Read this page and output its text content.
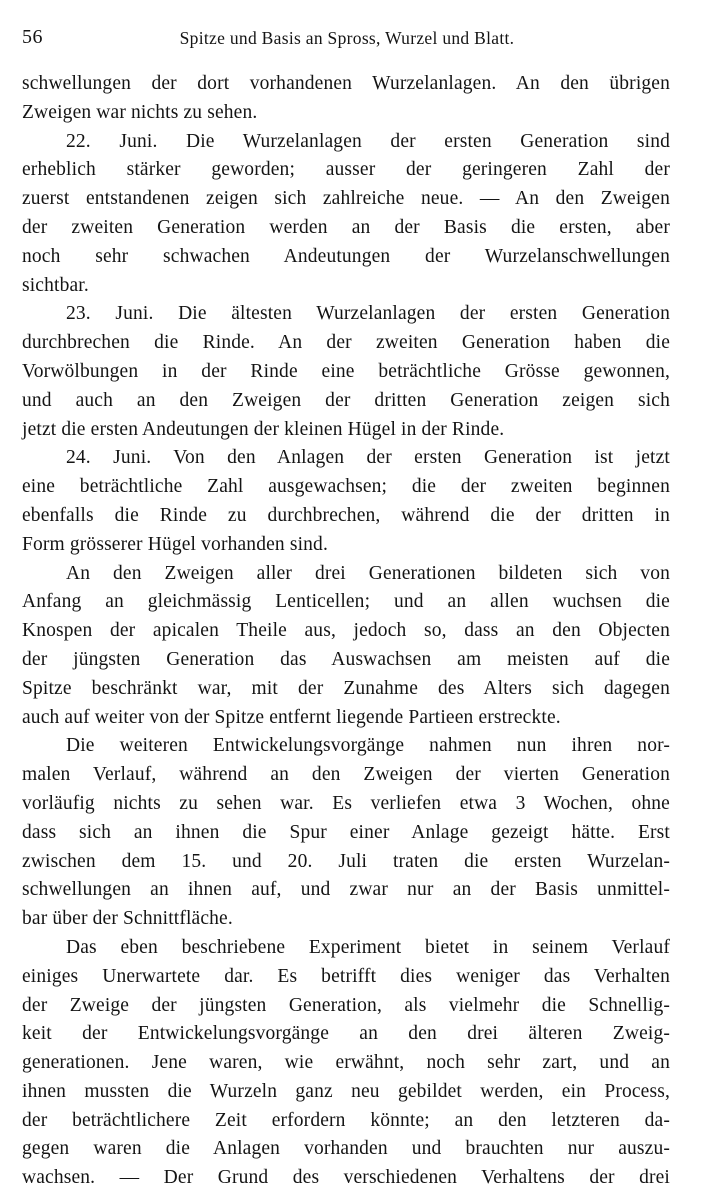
56	Spitze und Basis an Spross, Wurzel und Blatt.
schwellungen der dort vorhandenen Wurzelanlagen. An den übrigen
Zweigen war nichts zu sehen.
22. Juni. Die Wurzelanlagen der ersten Generation sind
erheblich stärker geworden; ausser der geringeren Zahl der
zuerst entstandenen zeigen sich zahlreiche neue. — An den Zweigen
der zweiten Generation werden an der Basis die ersten, aber
noch sehr schwachen Andeutungen der Wurzelanschwellungen
sichtbar.
23. Juni. Die ältesten Wurzelanlagen der ersten Generation
durchbrechen die Rinde. An der zweiten Generation haben die
Vorwölbungen in der Rinde eine beträchtliche Grösse gewonnen,
und auch an den Zweigen der dritten Generation zeigen sich
jetzt die ersten Andeutungen der kleinen Hügel in der Rinde.
24. Juni. Von den Anlagen der ersten Generation ist jetzt
eine beträchtliche Zahl ausgewachsen; die der zweiten beginnen
ebenfalls die Rinde zu durchbrechen, während die der dritten in
Form grösserer Hügel vorhanden sind.
An den Zweigen aller drei Generationen bildeten sich von
Anfang an gleichmässig Lenticellen; und an allen wuchsen die
Knospen der apicalen Theile aus, jedoch so, dass an den Objecten
der jüngsten Generation das Auswachsen am meisten auf die
Spitze beschränkt war, mit der Zunahme des Alters sich dagegen
auch auf weiter von der Spitze entfernt liegende Partieen erstreckte.
Die weiteren Entwickelungsvorgänge nahmen nun ihren nor-
malen Verlauf, während an den Zweigen der vierten Generation
vorläufig nichts zu sehen war. Es verliefen etwa 3 Wochen, ohne
dass sich an ihnen die Spur einer Anlage gezeigt hätte. Erst
zwischen dem 15. und 20. Juli traten die ersten Wurzelan-
schwellungen an ihnen auf, und zwar nur an der Basis unmittel-
bar über der Schnittfläche.
Das eben beschriebene Experiment bietet in seinem Verlauf
einiges Unerwartete dar. Es betrifft dies weniger das Verhalten
der Zweige der jüngsten Generation, als vielmehr die Schnellig-
keit der Entwickelungsvorgänge an den drei älteren Zweig-
generationen. Jene waren, wie erwähnt, noch sehr zart, und an
ihnen mussten die Wurzeln ganz neu gebildet werden, ein Process,
der beträchtlichere Zeit erfordern könnte; an den letzteren da-
gegen waren die Anlagen vorhanden und brauchten nur auszu-
wachsen. — Der Grund des verschiedenen Verhaltens der drei
